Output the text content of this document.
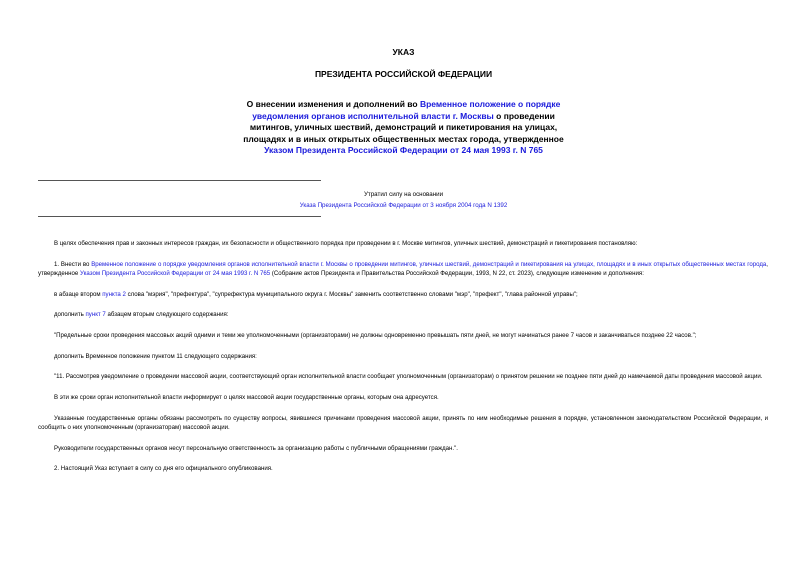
УКАЗ
ПРЕЗИДЕНТА РОССИЙСКОЙ ФЕДЕРАЦИИ
О внесении изменения и дополнений во Временное положение о порядке уведомления органов исполнительной власти г. Москвы о проведении митингов, уличных шествий, демонстраций и пикетирования на улицах, площадях и в иных открытых общественных местах города, утвержденное Указом Президента Российской Федерации от 24 мая 1993 г. N 765
Утратил силу на основании
Указа Президента Российской Федерации от 3 ноября 2004 года N 1392

В целях обеспечения прав и законных интересов граждан, их безопасности и общественного порядка при проведении в г. Москве митингов, уличных шествий, демонстраций и пикетирования постановляю:

1. Внести во Временное положение о порядке уведомления органов исполнительной власти г. Москвы о проведении митингов, уличных шествий, демонстраций и пикетирования на улицах, площадях и в иных открытых общественных местах города, утвержденное Указом Президента Российской Федерации от 24 мая 1993 г. N 765 (Собрание актов Президента и Правительства Российской Федерации, 1993, N 22, ст. 2023), следующие изменение и дополнения:

в абзаце втором пункта 2 слова "мэрия", "префектура", "супрефектура муниципального округа г. Москвы" заменить соответственно словами "мэр", "префект", "глава районной управы";

дополнить пункт 7 абзацем вторым следующего содержания:

"Предельные сроки проведения массовых акций одними и теми же уполномоченными (организаторами) не должны одновременно превышать пяти дней, не могут начинаться ранее 7 часов и заканчиваться позднее 22 часов.";

дополнить Временное положение пунктом 11 следующего содержания:

"11. Рассмотрев уведомление о проведении массовой акции, соответствующий орган исполнительной власти сообщает уполномоченным (организаторам) о принятом решении не позднее пяти дней до намечаемой даты проведения массовой акции.

В эти же сроки орган исполнительной власти информирует о целях массовой акции государственные органы, которым она адресуется.

Указанные государственные органы обязаны рассмотреть по существу вопросы, явившиеся причинами проведения массовой акции, принять по ним необходимые решения в порядке, установленном законодательством Российской Федерации, и сообщить о них уполномоченным (организаторам) массовой акции.

Руководители государственных органов несут персональную ответственность за организацию работы с публичными обращениями граждан.".

2. Настоящий Указ вступает в силу со дня его официального опубликования.
